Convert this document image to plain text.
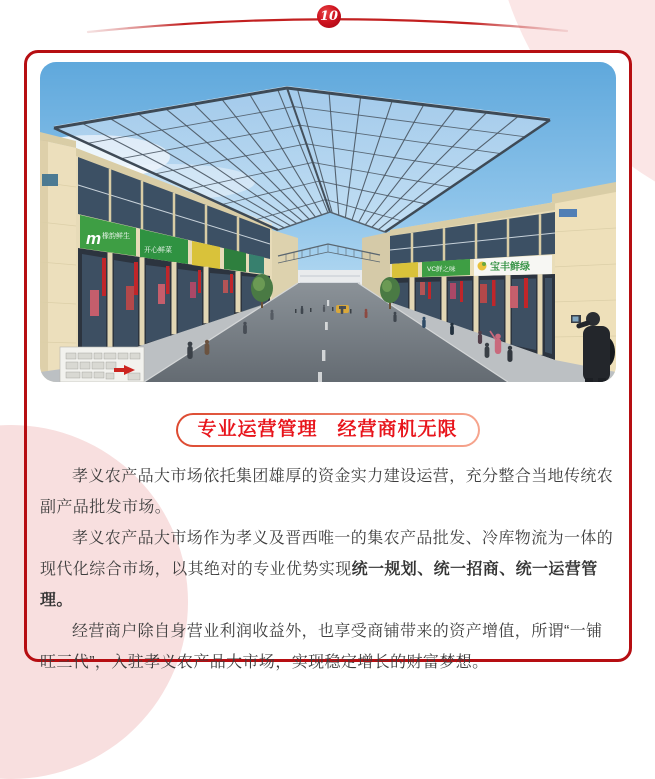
10
m 橡韵鲜生
开心鲜菜
宝丰鲜绿
VC鲜之味
专业运营管理　经营商机无限

孝义农产品大市场依托集团雄厚的资金实力建设运营，充分整合当地传统农副产品批发市场。

孝义农产品大市场作为孝义及晋西唯一的集农产品批发、冷库物流为一体的现代化综合市场，以其绝对的专业优势实现统一规划、统一招商、统一运营管理。

经营商户除自身营业利润收益外，也享受商铺带来的资产增值，所谓“一铺旺三代”，入驻孝义农产品大市场，实现稳定增长的财富梦想。
